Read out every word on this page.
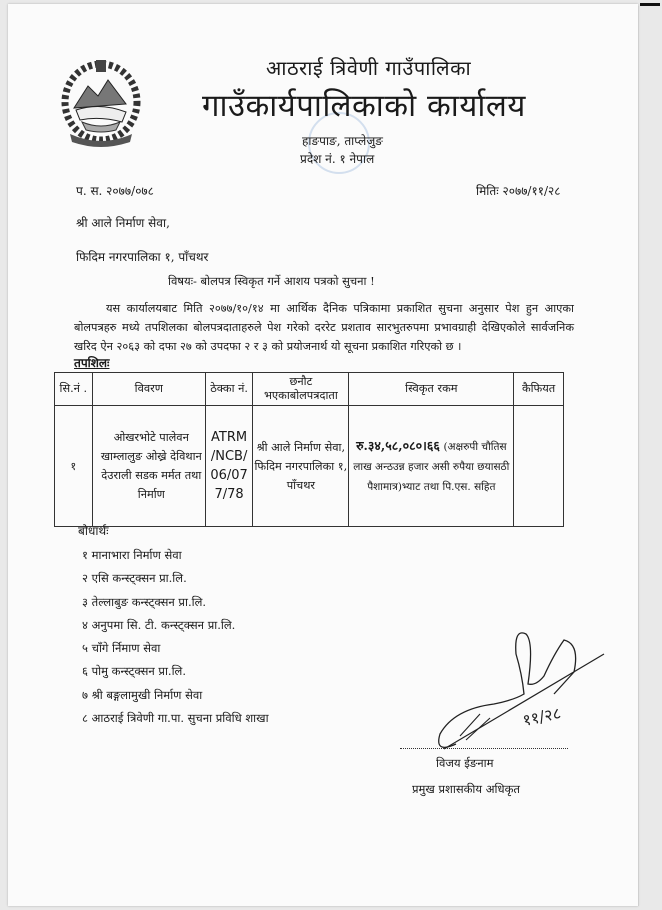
आठराई त्रिवेणी गाउँपालिका
गाउँकार्यपालिकाको कार्यालय
हाङपाङ, ताप्लेजुङ
प्रदेश नं. १ नेपाल
प. स. २०७७/०७८	मितिः २०७७/११/२८
श्री आले निर्माण सेवा,
फिदिम नगरपालिका १, पाँचथर
विषयः- बोलपत्र स्विकृत गर्ने आशय पत्रको सुचना !
यस कार्यालयबाट मिति २०७७/१०/१४ मा आर्थिक दैनिक पत्रिकामा प्रकाशित सुचना अनुसार पेश हुन आएका बोलपत्रहरु मध्ये तपशिलका बोलपत्रदाताहरुले पेश गरेको दररेट प्रशताव सारभुतरुपमा प्रभावग्राही देखिएकोले सार्वजनिक खरिद ऐन २०६३ को दफा २७ को उपदफा २ र ३ को प्रयोजनार्थ यो सूचना प्रकाशित गरिएको छ ।
तपशिलः
सि.नं .	विवरण	ठेक्का नं.	छनौट भएकाबोलपत्रदाता	स्विकृत रकम	कैफियत
१	ओखरभोटे पालेवन खाम्लालुङ ओख्रे देविथान देउराली सडक मर्मत तथा निर्माण	ATRM /NCB/ 06/07 7/78	श्री आले निर्माण सेवा, फिदिम नगरपालिका १, पाँचथर	रु.३४,५८,०८०।६६ (अक्षरुपी चौतिस लाख अन्ठउन्न हजार असी रुपैया छयासठी पैशामात्र)भ्याट तथा पि.एस. सहित	
बोधार्थः
१ मानाभारा निर्माण सेवा
२ एसि कन्स्ट्क्सन प्रा.लि.
३ तेल्लाबुङ कन्स्ट्क्सन प्रा.लि.
४ अनुपमा सि. टी. कन्स्ट्क्सन प्रा.लि.
५ चाँगे र्निमाण सेवा
६ पोमु कन्स्ट्क्सन प्रा.लि.
७ श्री बङ्गलामुखी निर्माण सेवा
८ आठराई त्रिवेणी गा.पा. सुचना प्रविधि शाखा	११/२८
विजय ईङनाम
प्रमुख प्रशासकीय अधिकृत
